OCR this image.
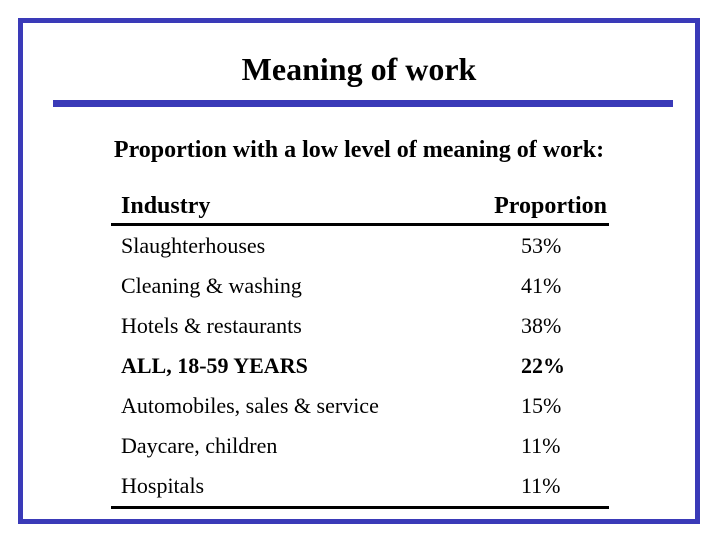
Meaning of work
Proportion with a low level of meaning of work:
Industry	Proportion
Slaughterhouses	53%
Cleaning & washing	41%
Hotels & restaurants	38%
ALL, 18-59 YEARS	22%
Automobiles, sales & service	15%
Daycare, children	11%
Hospitals	11%
